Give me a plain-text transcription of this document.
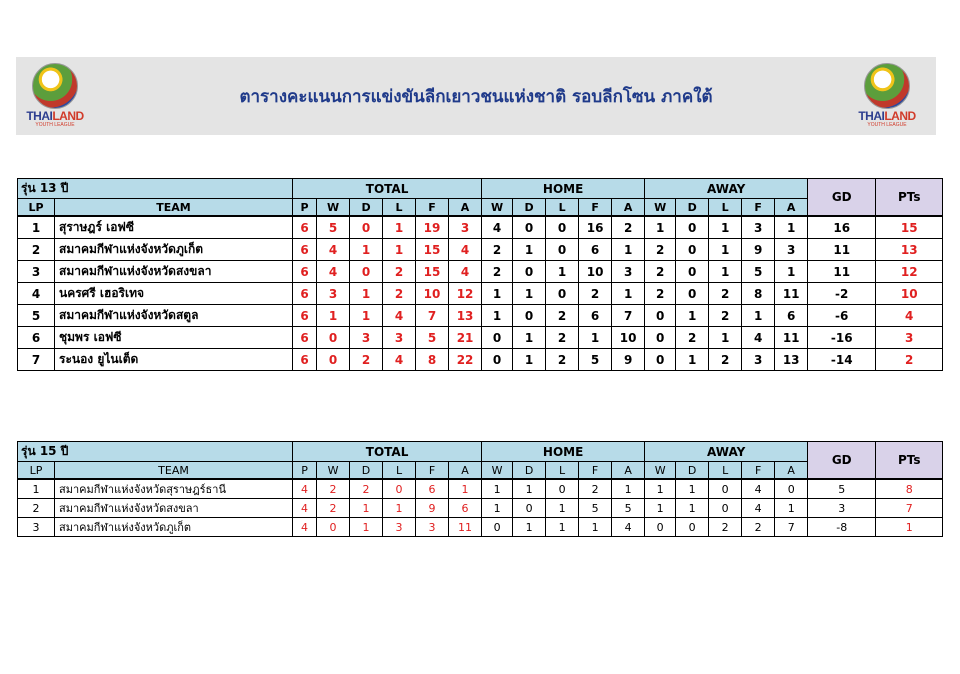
THAILAND
YOUTH LEAGUE
ตารางคะแนนการแข่งขันลีกเยาวชนแห่งชาติ รอบลีกโซน ภาคใต้
THAILAND
YOUTH LEAGUE
รุ่น 13 ปี		TOTAL						HOME					AWAY					GD	PTs
LP	TEAM	P	W	D	L	F	A	W	D	L	F	A	W	D	L	F	A		
1	สุราษฎร์ เอฟซี	6	5	0	1	19	3	4	0	0	16	2	1	0	1	3	1	16	15
2	สมาคมกีฬาแห่งจังหวัดภูเก็ต	6	4	1	1	15	4	2	1	0	6	1	2	0	1	9	3	11	13
3	สมาคมกีฬาแห่งจังหวัดสงขลา	6	4	0	2	15	4	2	0	1	10	3	2	0	1	5	1	11	12
4	นครศรี เฮอริเทจ	6	3	1	2	10	12	1	1	0	2	1	2	0	2	8	11	-2	10
5	สมาคมกีฬาแห่งจังหวัดสตูล	6	1	1	4	7	13	1	0	2	6	7	0	1	2	1	6	-6	4
6	ชุมพร เอฟซี	6	0	3	3	5	21	0	1	2	1	10	0	2	1	4	11	-16	3
7	ระนอง ยูไนเต็ด	6	0	2	4	8	22	0	1	2	5	9	0	1	2	3	13	-14	2
รุ่น 15 ปี		TOTAL						HOME					AWAY					GD	PTs
LP	TEAM	P	W	D	L	F	A	W	D	L	F	A	W	D	L	F	A		
1	สมาคมกีฬาแห่งจังหวัดสุราษฎร์ธานี	4	2	2	0	6	1	1	1	0	2	1	1	1	0	4	0	5	8
2	สมาคมกีฬาแห่งจังหวัดสงขลา	4	2	1	1	9	6	1	0	1	5	5	1	1	0	4	1	3	7
3	สมาคมกีฬาแห่งจังหวัดภูเก็ต	4	0	1	3	3	11	0	1	1	1	4	0	0	2	2	7	-8	1
